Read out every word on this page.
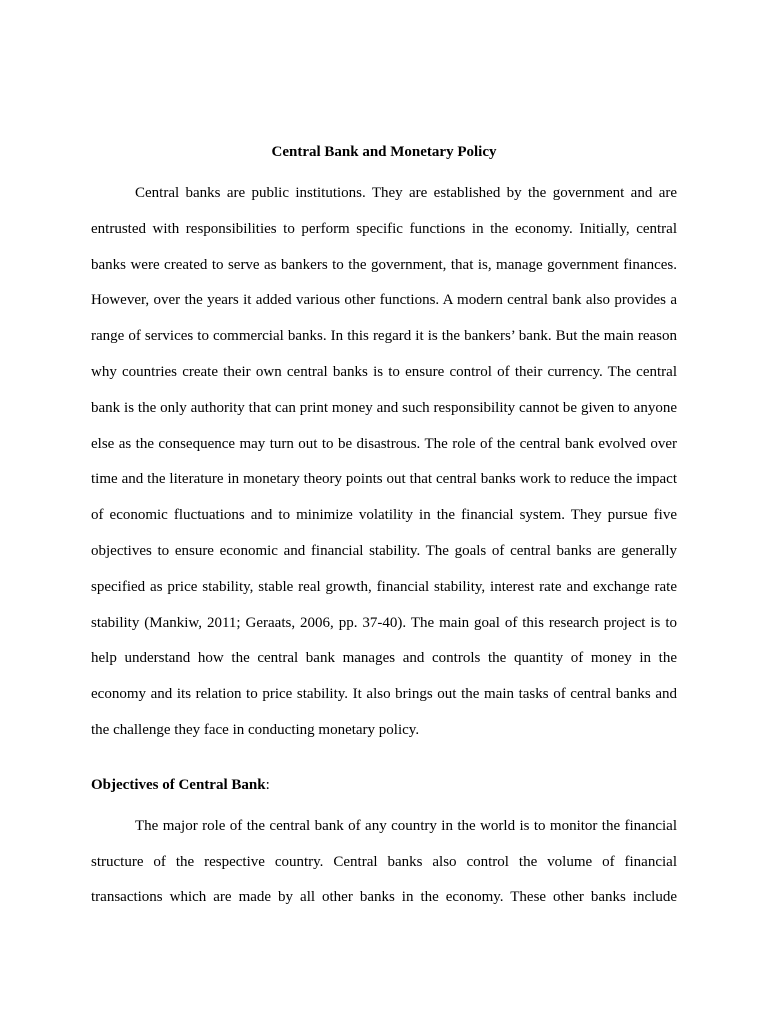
Central Bank and Monetary Policy

Central banks are public institutions. They are established by the government and are entrusted with responsibilities to perform specific functions in the economy. Initially, central banks were created to serve as bankers to the government, that is, manage government finances. However, over the years it added various other functions. A modern central bank also provides a range of services to commercial banks. In this regard it is the bankers’ bank. But the main reason why countries create their own central banks is to ensure control of their currency. The central bank is the only authority that can print money and such responsibility cannot be given to anyone else as the consequence may turn out to be disastrous. The role of the central bank evolved over time and the literature in monetary theory points out that central banks work to reduce the impact of economic fluctuations and to minimize volatility in the financial system. They pursue five objectives to ensure economic and financial stability. The goals of central banks are generally specified as price stability, stable real growth, financial stability, interest rate and exchange rate stability (Mankiw, 2011; Geraats, 2006, pp. 37-40). The main goal of this research project is to help understand how the central bank manages and controls the quantity of money in the economy and its relation to price stability. It also brings out the main tasks of central banks and the challenge they face in conducting monetary policy.

Objectives of Central Bank:

The major role of the central bank of any country in the world is to monitor the financial structure of the respective country. Central banks also control the volume of financial transactions which are made by all other banks in the economy. These other banks include
